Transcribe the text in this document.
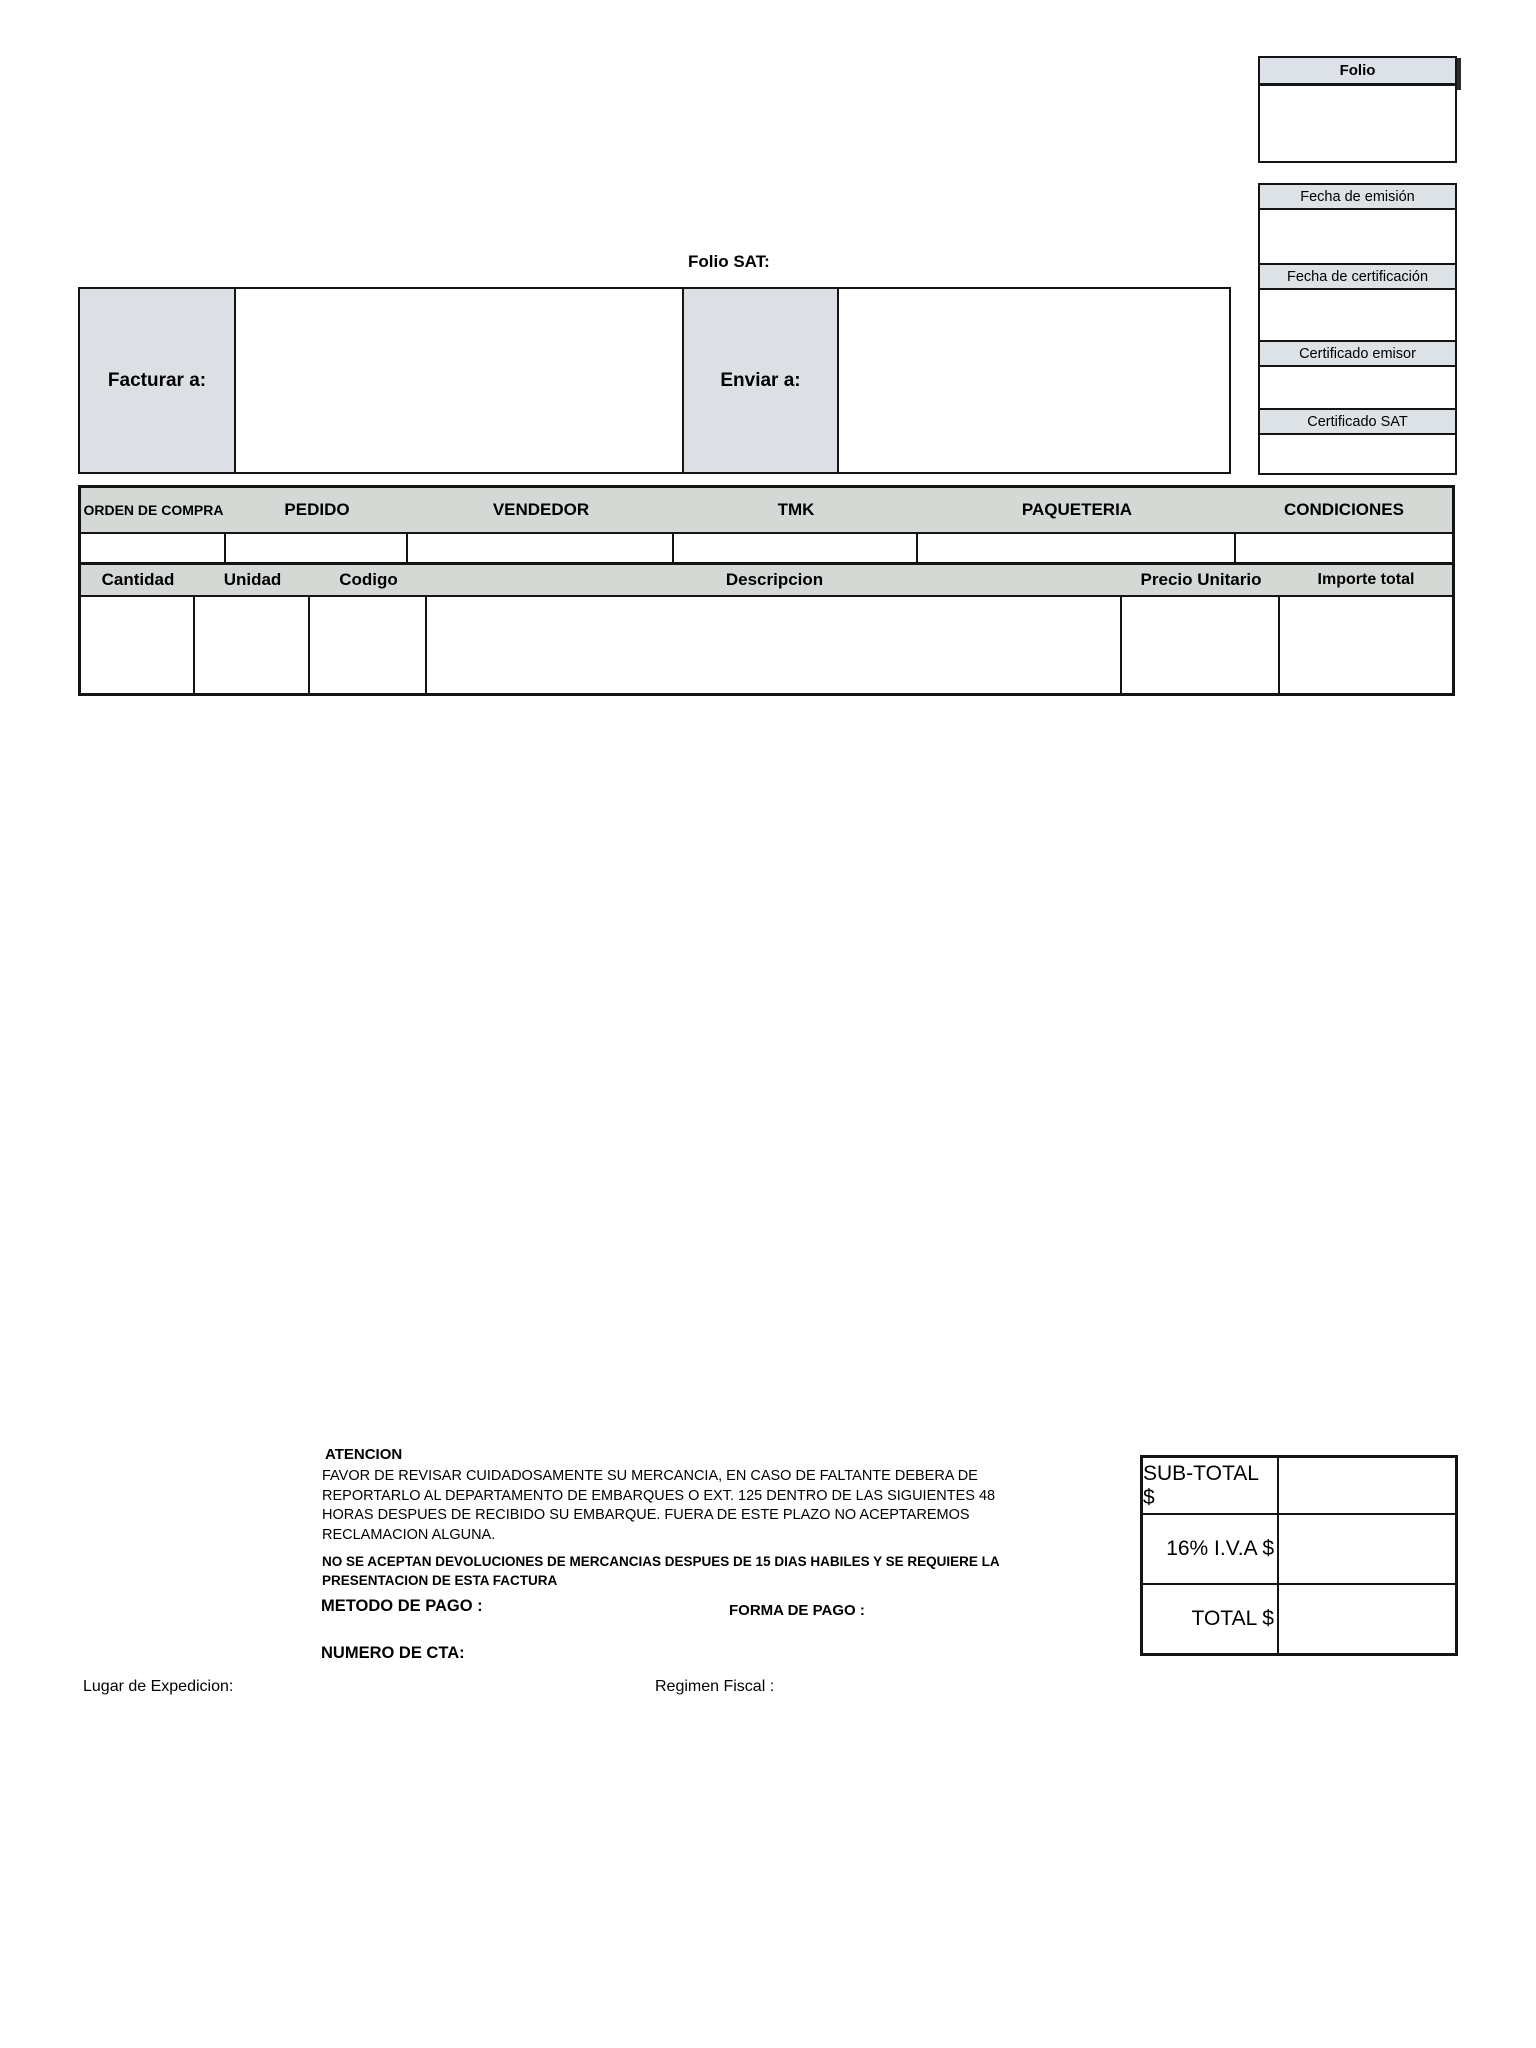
Folio
Fecha de emisión
Fecha de certificación
Certificado emisor
Certificado SAT
Folio SAT:
Facturar a:	Enviar a:
ORDEN DE COMPRA	PEDIDO	VENDEDOR	TMK	PAQUETERIA	CONDICIONES
Cantidad	Unidad	Codigo	Descripcion	Precio Unitario	Importe total
ATENCION
FAVOR DE REVISAR CUIDADOSAMENTE SU MERCANCIA, EN CASO DE FALTANTE DEBERA DE
REPORTARLO AL DEPARTAMENTO DE EMBARQUES O EXT. 125 DENTRO DE LAS SIGUIENTES 48
HORAS DESPUES DE RECIBIDO SU EMBARQUE. FUERA DE ESTE PLAZO NO ACEPTAREMOS
RECLAMACION ALGUNA.
NO SE ACEPTAN DEVOLUCIONES DE MERCANCIAS DESPUES DE 15 DIAS HABILES Y SE REQUIERE LA
PRESENTACION DE ESTA FACTURA
METODO DE PAGO :	FORMA DE PAGO :
NUMERO DE CTA:
SUB-TOTAL $
16% I.V.A $
TOTAL $
Lugar de Expedicion:	Regimen Fiscal :
